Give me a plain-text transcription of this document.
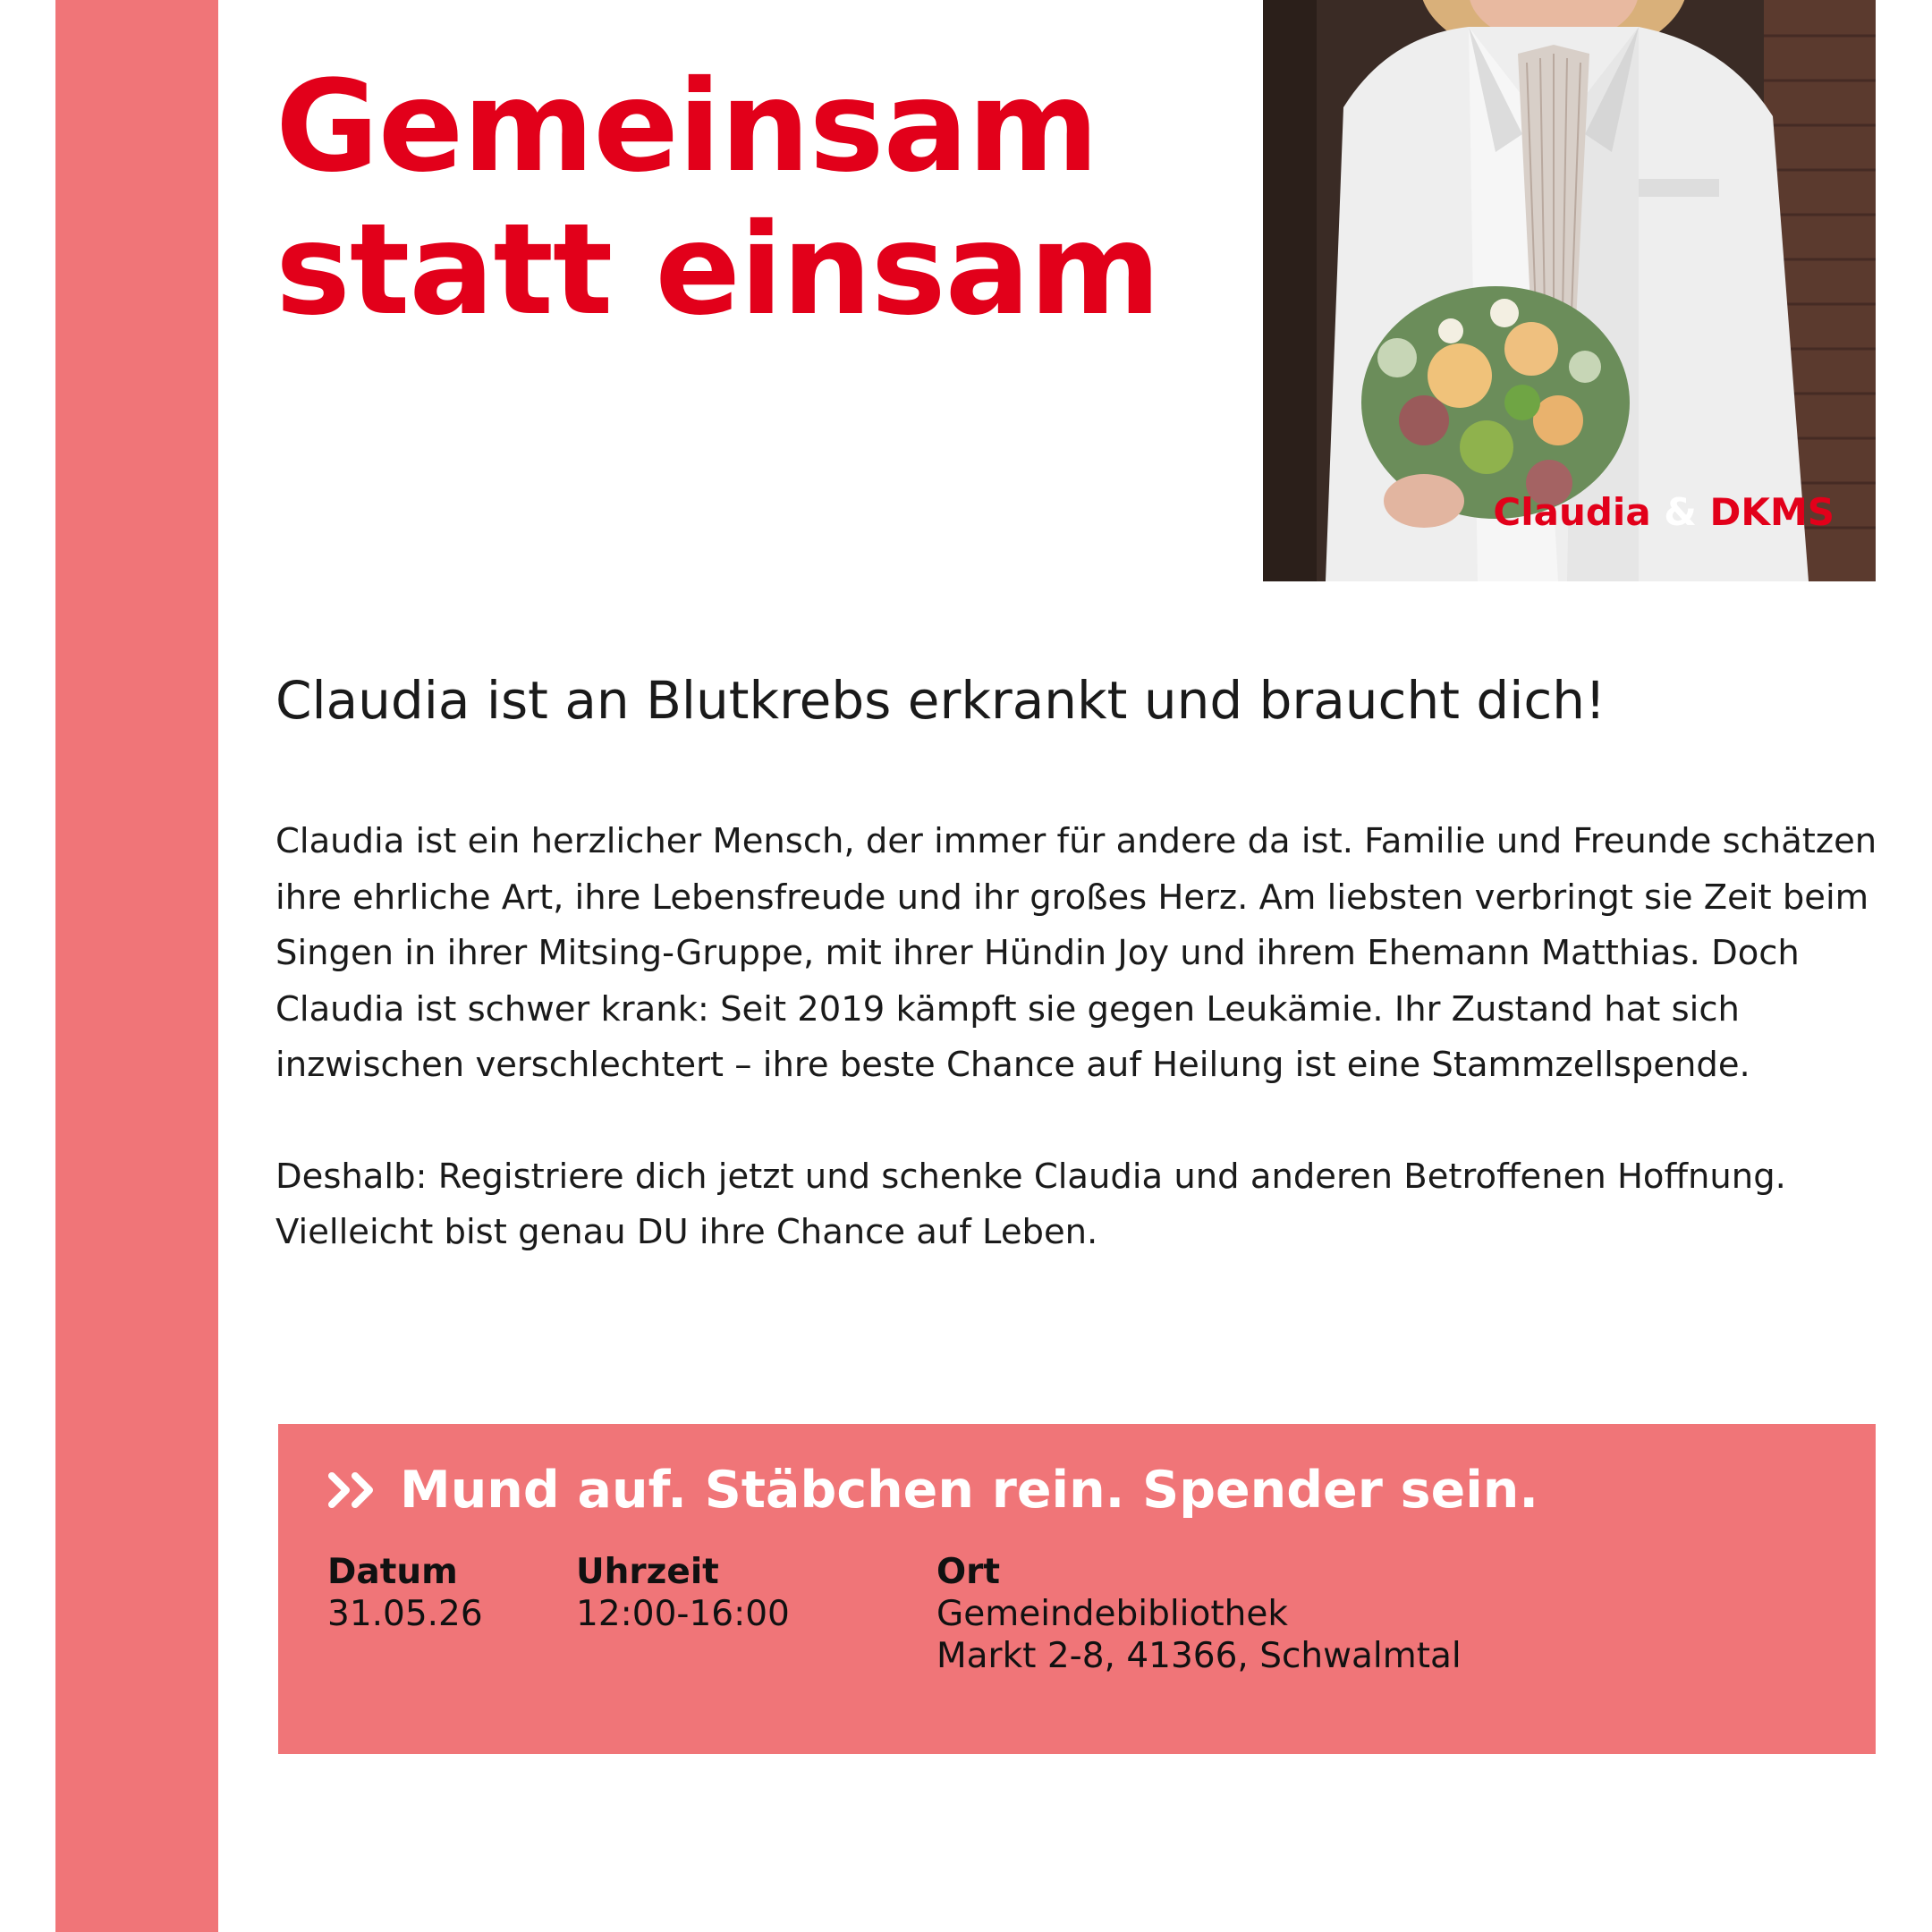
Gemeinsam
statt einsam
Claudia & DKMS
Claudia ist an Blutkrebs erkrankt und braucht dich!

Claudia ist ein herzlicher Mensch, der immer für andere da ist. Familie und Freunde schätzen ihre ehrliche Art, ihre Lebensfreude und ihr großes Herz. Am liebsten verbringt sie Zeit beim Singen in ihrer Mitsing-Gruppe, mit ihrer Hündin Joy und ihrem Ehemann Matthias. Doch Claudia ist schwer krank: Seit 2019 kämpft sie gegen Leukämie. Ihr Zustand hat sich inzwischen verschlechtert – ihre beste Chance auf Heilung ist eine Stammzellspende.

Deshalb: Registriere dich jetzt und schenke Claudia und anderen Betroffenen Hoffnung. Vielleicht bist genau DU ihre Chance auf Leben.

Mund auf. Stäbchen rein. Spender sein.
Datum
31.05.26
Uhrzeit
12:00-16:00
Ort
Gemeindebibliothek
Markt 2-8, 41366, Schwalmtal
